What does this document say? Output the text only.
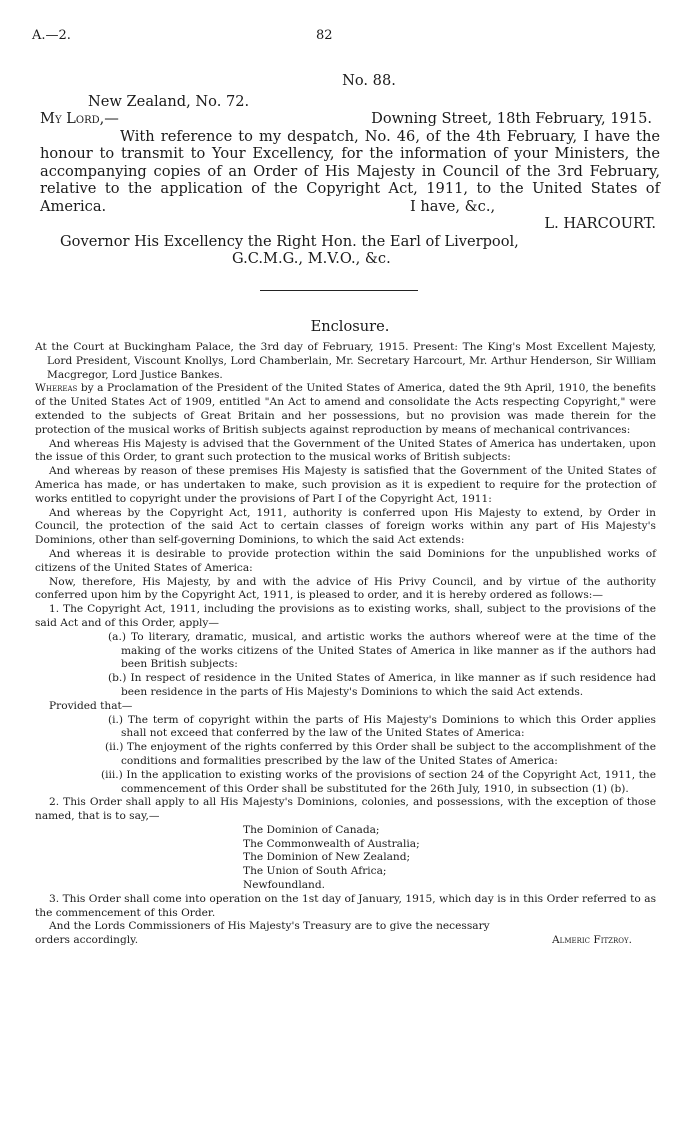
A.—2.	82

No. 88.

New Zealand, No. 72.

My Lord,—	Downing Street, 18th February, 1915.

With reference to my despatch, No. 46, of the 4th February, I have the honour to transmit to Your Excellency, for the information of your Ministers, the accompanying copies of an Order of His Majesty in Council of the 3rd February, relative to the application of the Copyright Act, 1911, to the United States of America.	I have, &c.,

L. HARCOURT.

Governor His Excellency the Right Hon. the Earl of Liverpool,

G.C.M.G., M.V.O., &c.

Enclosure.

At the Court at Buckingham Palace, the 3rd day of February, 1915. Present: The King's Most Excellent Majesty, Lord President, Viscount Knollys, Lord Chamberlain, Mr. Secretary Harcourt, Mr. Arthur Henderson, Sir William Macgregor, Lord Justice Bankes.

Whereas by a Proclamation of the President of the United States of America, dated the 9th April, 1910, the benefits of the United States Act of 1909, entitled "An Act to amend and consolidate the Acts respecting Copyright," were extended to the subjects of Great Britain and her possessions, but no provision was made therein for the protection of the musical works of British subjects against reproduction by means of mechanical contrivances:

And whereas His Majesty is advised that the Government of the United States of America has undertaken, upon the issue of this Order, to grant such protection to the musical works of British subjects:

And whereas by reason of these premises His Majesty is satisfied that the Government of the United States of America has made, or has undertaken to make, such provision as it is expedient to require for the protection of works entitled to copyright under the provisions of Part I of the Copyright Act, 1911:

And whereas by the Copyright Act, 1911, authority is conferred upon His Majesty to extend, by Order in Council, the protection of the said Act to certain classes of foreign works within any part of His Majesty's Dominions, other than self-governing Dominions, to which the said Act extends:

And whereas it is desirable to provide protection within the said Dominions for the unpublished works of citizens of the United States of America:

Now, therefore, His Majesty, by and with the advice of His Privy Council, and by virtue of the authority conferred upon him by the Copyright Act, 1911, is pleased to order, and it is hereby ordered as follows:—

1. The Copyright Act, 1911, including the provisions as to existing works, shall, subject to the provisions of the said Act and of this Order, apply—

(a.) To literary, dramatic, musical, and artistic works the authors whereof were at the time of the making of the works citizens of the United States of America in like manner as if the authors had been British subjects:

(b.) In respect of residence in the United States of America, in like manner as if such residence had been residence in the parts of His Majesty's Dominions to which the said Act extends.

Provided that—

(i.) The term of copyright within the parts of His Majesty's Dominions to which this Order applies shall not exceed that conferred by the law of the United States of America:

(ii.) The enjoyment of the rights conferred by this Order shall be subject to the accomplishment of the conditions and formalities prescribed by the law of the United States of America:

(iii.) In the application to existing works of the provisions of section 24 of the Copyright Act, 1911, the commencement of this Order shall be substituted for the 26th July, 1910, in subsection (1) (b).

2. This Order shall apply to all His Majesty's Dominions, colonies, and possessions, with the exception of those named, that is to say,—

The Dominion of Canada;

The Commonwealth of Australia;

The Dominion of New Zealand;

The Union of South Africa;

Newfoundland.

3. This Order shall come into operation on the 1st day of January, 1915, which day is in this Order referred to as the commencement of this Order.

And the Lords Commissioners of His Majesty's Treasury are to give the necessary orders accordingly.	Almeric Fitzroy.
